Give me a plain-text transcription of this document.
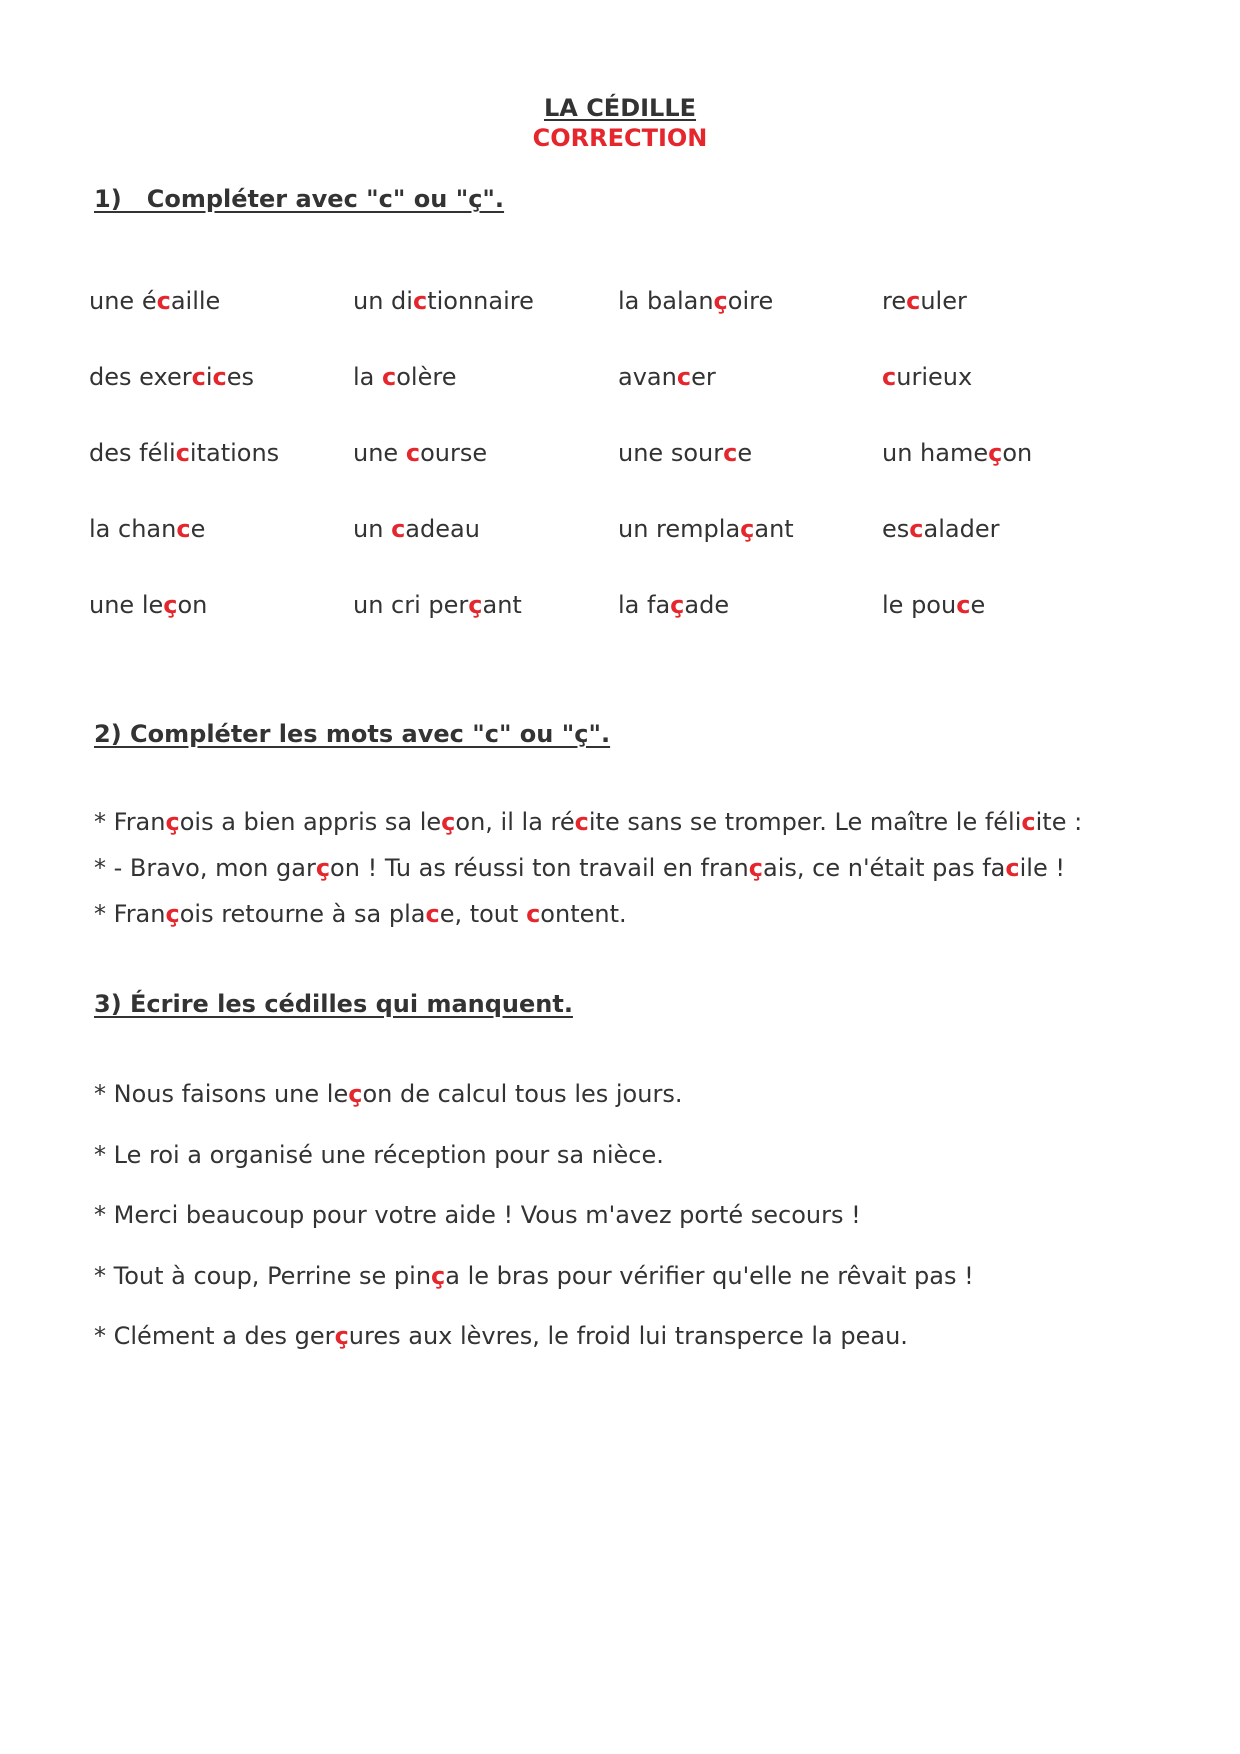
LA CÉDILLE
CORRECTION
1)   Compléter avec "c" ou "ç".
une écaille	un dictionnaire	la balançoire	reculer
des exercices	la colère	avancer	curieux
des félicitations	une course	une source	un hameçon
la chance	un cadeau	un remplaçant	escalader
une leçon	un cri perçant	la façade	le pouce
2) Compléter les mots avec "c" ou "ç".
* François a bien appris sa leçon, il la récite sans se tromper. Le maître le félicite :
* - Bravo, mon garçon ! Tu as réussi ton travail en français, ce n'était pas facile !
* François retourne à sa place, tout content.
3) Écrire les cédilles qui manquent.
* Nous faisons une leçon de calcul tous les jours.
* Le roi a organisé une réception pour sa nièce.
* Merci beaucoup pour votre aide ! Vous m'avez porté secours !
* Tout à coup, Perrine se pinça le bras pour vérifier qu'elle ne rêvait pas !
* Clément a des gerçures aux lèvres, le froid lui transperce la peau.
